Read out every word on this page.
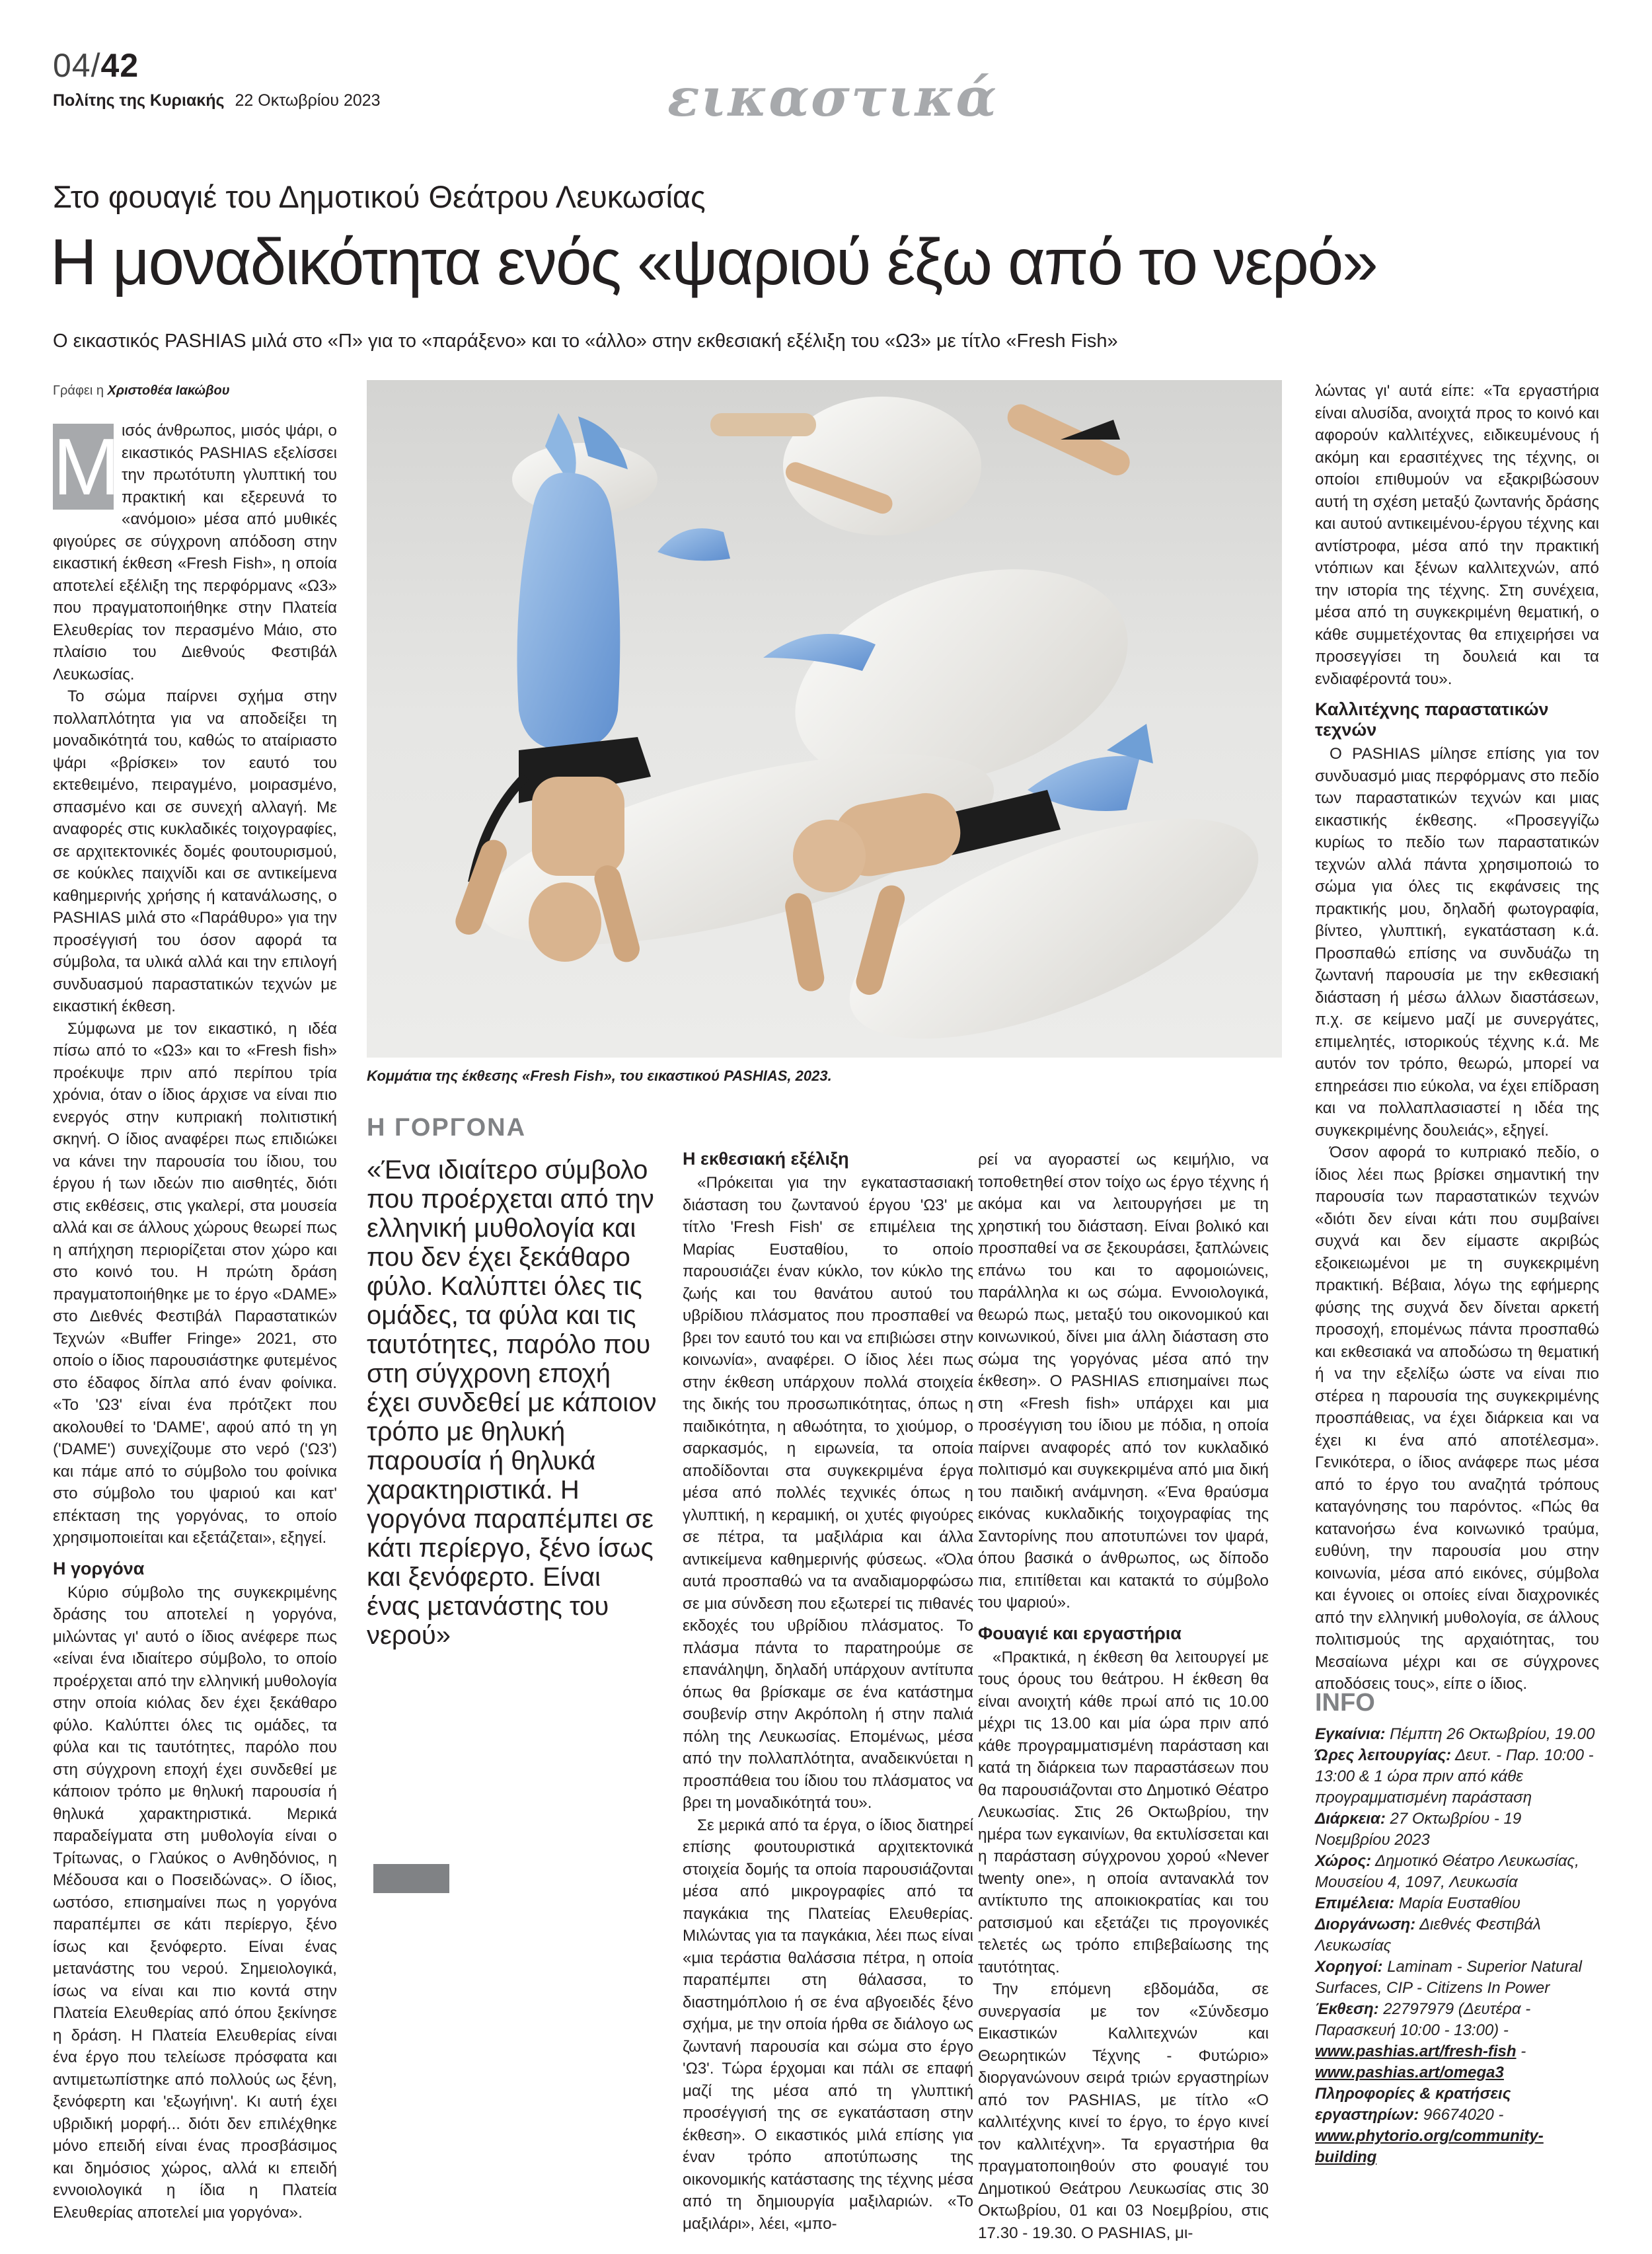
04/42
Πολίτης της Κυριακής 22 Οκτωβρίου 2023	εικαστικά
Στο φουαγιέ του Δημοτικού Θεάτρου Λευκωσίας
Η μοναδικότητα ενός «ψαριού έξω από το νερό»
Ο εικαστικός PASHIAS μιλά στο «Π» για το «παράξενο» και το «άλλο» στην εκθεσιακή εξέλιξη του «Ω3» με τίτλο «Fresh Fish»
Γράφει η Χριστοθέα Ιακώβου

Μ ισός άνθρωπος, μισός ψάρι, ο εικαστικός PASHIAS εξελίσσει την πρωτότυπη γλυπτική του πρακτική και εξερευνά το «ανόμοιο» μέσα από μυθικές φιγούρες σε σύγχρονη απόδοση στην εικαστική έκθεση «Fresh Fish», η οποία αποτελεί εξέλιξη της περφόρμανς «Ω3» που πραγματοποιήθηκε στην Πλατεία Ελευθερίας τον περασμένο Μάιο, στο πλαίσιο του Διεθνούς Φεστιβάλ Λευκωσίας.

Το σώμα παίρνει σχήμα στην πολλαπλότητα για να αποδείξει τη μοναδικότητά του, καθώς το αταίριαστο ψάρι «βρίσκει» τον εαυτό του εκτεθειμένο, πειραγμένο, μοιρασμένο, σπασμένο και σε συνεχή αλλαγή. Με αναφορές στις κυκλαδικές τοιχογραφίες, σε αρχιτεκτονικές δομές φουτουρισμού, σε κούκλες παιχνίδι και σε αντικείμενα καθημερινής χρήσης ή κατανάλωσης, ο PASHIAS μιλά στο «Παράθυρο» για την προσέγγισή του όσον αφορά τα σύμβολα, τα υλικά αλλά και την επιλογή συνδυασμού παραστατικών τεχνών με εικαστική έκθεση.

Σύμφωνα με τον εικαστικό, η ιδέα πίσω από το «Ω3» και το «Fresh fish» προέκυψε πριν από περίπου τρία χρόνια, όταν ο ίδιος άρχισε να είναι πιο ενεργός στην κυπριακή πολιτιστική σκηνή. Ο ίδιος αναφέρει πως επιδιώκει να κάνει την παρουσία του ίδιου, του έργου ή των ιδεών πιο αισθητές, διότι στις εκθέσεις, στις γκαλερί, στα μουσεία αλλά και σε άλλους χώρους θεωρεί πως η απήχηση περιορίζεται στον χώρο και στο κοινό του. Η πρώτη δράση πραγματοποιήθηκε με το έργο «DAME» στο Διεθνές Φεστιβάλ Παραστατικών Τεχνών «Buffer Fringe» 2021, στο οποίο ο ίδιος παρουσιάστηκε φυτεμένος στο έδαφος δίπλα από έναν φοίνικα. «Το 'Ω3' είναι ένα πρότζεκτ που ακολουθεί το 'DAME', αφού από τη γη ('DAME') συνεχίζουμε στο νερό ('Ω3') και πάμε από το σύμβολο του φοίνικα στο σύμβολο του ψαριού και κατ' επέκταση της γοργόνας, το οποίο χρησιμοποιείται και εξετάζεται», εξηγεί.

Η γοργόνα

Κύριο σύμβολο της συγκεκριμένης δράσης του αποτελεί η γοργόνα, μιλώντας γι' αυτό ο ίδιος ανέφερε πως «είναι ένα ιδιαίτερο σύμβολο, το οποίο προέρχεται από την ελληνική μυθολογία στην οποία κιόλας δεν έχει ξεκάθαρο φύλο. Καλύπτει όλες τις ομάδες, τα φύλα και τις ταυτότητες, παρόλο που στη σύγχρονη εποχή έχει συνδεθεί με κάποιον τρόπο με θηλυκή παρουσία ή θηλυκά χαρακτηριστικά. Μερικά παραδείγματα στη μυθολογία είναι ο Τρίτωνας, ο Γλαύκος ο Ανθηδόνιος, η Μέδουσα και ο Ποσειδώνας». Ο ίδιος, ωστόσο, επισημαίνει πως η γοργόνα παραπέμπει σε κάτι περίεργο, ξένο ίσως και ξενόφερτο. Είναι ένας μετανάστης του νερού. Σημειολογικά, ίσως να είναι και πιο κοντά στην Πλατεία Ελευθερίας από όπου ξεκίνησε η δράση. Η Πλατεία Ελευθερίας είναι ένα έργο που τελείωσε πρόσφατα και αντιμετωπίστηκε από πολλούς ως ξένη, ξενόφερτη και 'εξωγήινη'. Κι αυτή έχει υβριδική μορφή... διότι δεν επιλέχθηκε μόνο επειδή είναι ένας προσβάσιμος και δημόσιος χώρος, αλλά κι επειδή εννοιολογικά η ίδια η Πλατεία Ελευθερίας αποτελεί μια γοργόνα».

Κομμάτια της έκθεσης «Fresh Fish», του εικαστικού PASHIAS, 2023.
Η ΓΟΡΓΟΝΑ
«Ένα ιδιαίτερο σύμβολο που προέρχεται από την ελληνική μυθολογία και που δεν έχει ξεκάθαρο φύλο. Καλύπτει όλες τις ομάδες, τα φύλα και τις ταυτότητες, παρόλο που στη σύγχρονη εποχή έχει συνδεθεί με κάποιον τρόπο με θηλυκή παρουσία ή θηλυκά χαρακτηριστικά. Η γοργόνα παραπέμπει σε κάτι περίεργο, ξένο ίσως και ξενόφερτο. Είναι ένας μετανάστης του νερού»
Η εκθεσιακή εξέλιξη

«Πρόκειται για την εγκαταστασιακή διάσταση του ζωντανού έργου 'Ω3' με τίτλο 'Fresh Fish' σε επιμέλεια της Μαρίας Ευσταθίου, το οποίο παρουσιάζει έναν κύκλο, τον κύκλο της ζωής και του θανάτου αυτού του υβρίδιου πλάσματος που προσπαθεί να βρει τον εαυτό του και να επιβιώσει στην κοινωνία», αναφέρει. Ο ίδιος λέει πως στην έκθεση υπάρχουν πολλά στοιχεία της δικής του προσωπικότητας, όπως η παιδικότητα, η αθωότητα, το χιούμορ, ο σαρκασμός, η ειρωνεία, τα οποία αποδίδονται στα συγκεκριμένα έργα μέσα από πολλές τεχνικές όπως η γλυπτική, η κεραμική, οι χυτές φιγούρες σε πέτρα, τα μαξιλάρια και άλλα αντικείμενα καθημερινής φύσεως. «Όλα αυτά προσπαθώ να τα αναδιαμορφώσω σε μια σύνδεση που εξωτερεί τις πιθανές εκδοχές του υβρίδιου πλάσματος. Το πλάσμα πάντα το παρατηρούμε σε επανάληψη, δηλαδή υπάρχουν αντίτυπα όπως θα βρίσκαμε σε ένα κατάστημα σουβενίρ στην Ακρόπολη ή στην παλιά πόλη της Λευκωσίας. Επομένως, μέσα από την πολλαπλότητα, αναδεικνύεται η προσπάθεια του ίδιου του πλάσματος να βρει τη μοναδικότητά του».

Σε μερικά από τα έργα, ο ίδιος διατηρεί επίσης φουτουριστικά αρχιτεκτονικά στοιχεία δομής τα οποία παρουσιάζονται μέσα από μικρογραφίες από τα παγκάκια της Πλατείας Ελευθερίας. Μιλώντας για τα παγκάκια, λέει πως είναι «μια τεράστια θαλάσσια πέτρα, η οποία παραπέμπει στη θάλασσα, το διαστημόπλοιο ή σε ένα αβγοειδές ξένο σχήμα, με την οποία ήρθα σε διάλογο ως ζωντανή παρουσία και σώμα στο έργο 'Ω3'. Τώρα έρχομαι και πάλι σε επαφή μαζί της μέσα από τη γλυπτική προσέγγισή της σε εγκατάσταση στην έκθεση». Ο εικαστικός μιλά επίσης για έναν τρόπο αποτύπωσης της οικονομικής κατάστασης της τέχνης μέσα από τη δημιουργία μαξιλαριών. «Το μαξιλάρι», λέει, «μπο-

ρεί να αγοραστεί ως κειμήλιο, να τοποθετηθεί στον τοίχο ως έργο τέχνης ή ακόμα και να λειτουργήσει με τη χρηστική του διάσταση. Είναι βολικό και προσπαθεί να σε ξεκουράσει, ξαπλώνεις επάνω του και το αφομοιώνεις, παράλληλα κι ως σώμα. Εννοιολογικά, θεωρώ πως, μεταξύ του οικονομικού και κοινωνικού, δίνει μια άλλη διάσταση στο σώμα της γοργόνας μέσα από την έκθεση». Ο PASHIAS επισημαίνει πως στη «Fresh fish» υπάρχει και μια προσέγγιση του ίδιου με πόδια, η οποία παίρνει αναφορές από τον κυκλαδικό πολιτισμό και συγκεκριμένα από μια δική του παιδική ανάμνηση. «Ένα θραύσμα εικόνας κυκλαδικής τοιχογραφίας της Σαντορίνης που αποτυπώνει τον ψαρά, όπου βασικά ο άνθρωπος, ως δίποδο πια, επιτίθεται και κατακτά το σύμβολο του ψαριού».

Φουαγιέ και εργαστήρια

«Πρακτικά, η έκθεση θα λειτουργεί με τους όρους του θεάτρου. Η έκθεση θα είναι ανοιχτή κάθε πρωί από τις 10.00 μέχρι τις 13.00 και μία ώρα πριν από κάθε προγραμματισμένη παράσταση και κατά τη διάρκεια των παραστάσεων που θα παρουσιάζονται στο Δημοτικό Θέατρο Λευκωσίας. Στις 26 Οκτωβρίου, την ημέρα των εγκαινίων, θα εκτυλίσσεται και η παράσταση σύγχρονου χορού «Never twenty one», η οποία αντανακλά τον αντίκτυπο της αποικιοκρατίας και του ρατσισμού και εξετάζει τις προγονικές τελετές ως τρόπο επιβεβαίωσης της ταυτότητας.

Την επόμενη εβδομάδα, σε συνεργασία με τον «Σύνδεσμο Εικαστικών Καλλιτεχνών και Θεωρητικών Τέχνης - Φυτώριο» διοργανώνουν σειρά τριών εργαστηρίων από τον PASHIAS, με τίτλο «Ο καλλιτέχνης κινεί το έργο, το έργο κινεί τον καλλιτέχνη». Τα εργαστήρια θα πραγματοποιηθούν στο φουαγιέ του Δημοτικού Θεάτρου Λευκωσίας στις 30 Οκτωβρίου, 01 και 03 Νοεμβρίου, στις 17.30 - 19.30. Ο PASHIAS, μι-

λώντας γι' αυτά είπε: «Τα εργαστήρια είναι αλυσίδα, ανοιχτά προς το κοινό και αφορούν καλλιτέχνες, ειδικευμένους ή ακόμη και ερασιτέχνες της τέχνης, οι οποίοι επιθυμούν να εξακριβώσουν αυτή τη σχέση μεταξύ ζωντανής δράσης και αυτού αντικειμένου-έργου τέχνης και αντίστροφα, μέσα από την πρακτική ντόπιων και ξένων καλλιτεχνών, από την ιστορία της τέχνης. Στη συνέχεια, μέσα από τη συγκεκριμένη θεματική, ο κάθε συμμετέχοντας θα επιχειρήσει να προσεγγίσει τη δουλειά και τα ενδιαφέροντά του».

Καλλιτέχνης παραστατικών τεχνών

Ο PASHIAS μίλησε επίσης για τον συνδυασμό μιας περφόρμανς στο πεδίο των παραστατικών τεχνών και μιας εικαστικής έκθεσης. «Προσεγγίζω κυρίως το πεδίο των παραστατικών τεχνών αλλά πάντα χρησιμοποιώ το σώμα για όλες τις εκφάνσεις της πρακτικής μου, δηλαδή φωτογραφία, βίντεο, γλυπτική, εγκατάσταση κ.ά. Προσπαθώ επίσης να συνδυάζω τη ζωντανή παρουσία με την εκθεσιακή διάσταση ή μέσω άλλων διαστάσεων, π.χ. σε κείμενο μαζί με συνεργάτες, επιμελητές, ιστορικούς τέχνης κ.ά. Με αυτόν τον τρόπο, θεωρώ, μπορεί να επηρεάσει πιο εύκολα, να έχει επίδραση και να πολλαπλασιαστεί η ιδέα της συγκεκριμένης δουλειάς», εξηγεί.

Όσον αφορά το κυπριακό πεδίο, ο ίδιος λέει πως βρίσκει σημαντική την παρουσία των παραστατικών τεχνών «διότι δεν είναι κάτι που συμβαίνει συχνά και δεν είμαστε ακριβώς εξοικειωμένοι με τη συγκεκριμένη πρακτική. Βέβαια, λόγω της εφήμερης φύσης της συχνά δεν δίνεται αρκετή προσοχή, επομένως πάντα προσπαθώ και εκθεσιακά να αποδώσω τη θεματική ή να την εξελίξω ώστε να είναι πιο στέρεα η παρουσία της συγκεκριμένης προσπάθειας, να έχει διάρκεια και να έχει κι ένα από αποτέλεσμα». Γενικότερα, ο ίδιος ανάφερε πως μέσα από το έργο του αναζητά τρόπους καταγόνησης του παρόντος. «Πώς θα κατανοήσω ένα κοινωνικό τραύμα, ευθύνη, την παρουσία μου στην κοινωνία, μέσα από εικόνες, σύμβολα και έγνοιες οι οποίες είναι διαχρονικές από την ελληνική μυθολογία, σε άλλους πολιτισμούς της αρχαιότητας, του Μεσαίωνα μέχρι και σε σύγχρονες αποδόσεις τους», είπε ο ίδιος.

INFO
Εγκαίνια: Πέμπτη 26 Οκτωβρίου, 19.00
Ώρες λειτουργίας: Δευτ. - Παρ. 10:00 - 13:00 & 1 ώρα πριν από κάθε προγραμματισμένη παράσταση
Διάρκεια: 27 Οκτωβρίου - 19 Νοεμβρίου 2023
Χώρος: Δημοτικό Θέατρο Λευκωσίας, Μουσείου 4, 1097, Λευκωσία
Επιμέλεια: Μαρία Ευσταθίου
Διοργάνωση: Διεθνές Φεστιβάλ Λευκωσίας
Χορηγοί: Laminam - Superior Natural Surfaces, CIP - Citizens In Power
Έκθεση: 22797979 (Δευτέρα - Παρασκευή 10:00 - 13:00) - www.pashias.art/fresh-fish - www.pashias.art/omega3
Πληροφορίες & κρατήσεις εργαστηρίων: 96674020 - www.phytorio.org/community-building
